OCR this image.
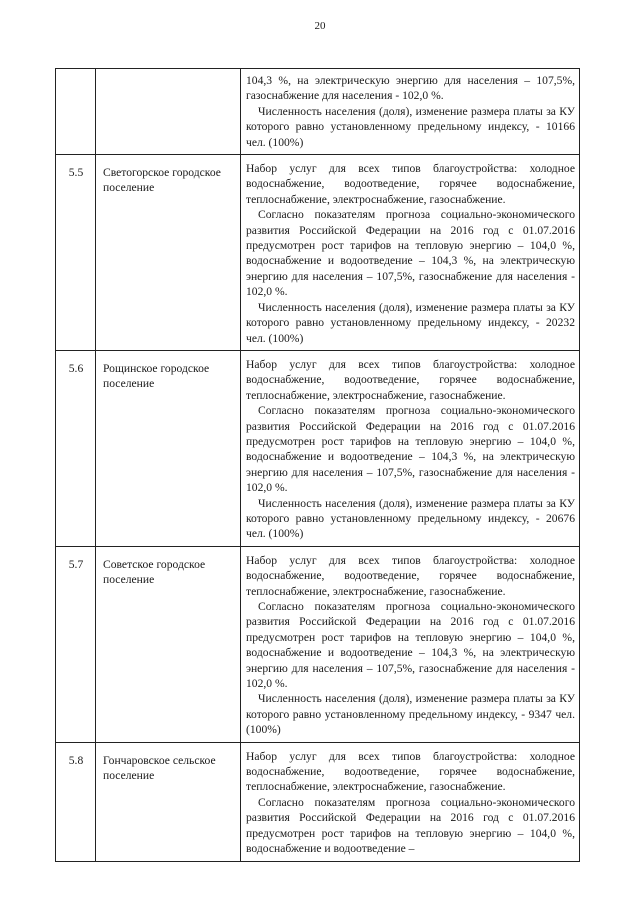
20

		104,3 %, на электрическую энергию для населения – 107,5%, газоснабжение для населения - 102,0 %.

Численность населения (доля), изменение размера платы за КУ которого равно установленному предельному индексу, - 10166 чел. (100%)

5.5	Светогорское городское поселение	Набор услуг для всех типов благоустройства: холодное водоснабжение, водоотведение, горячее водоснабжение, теплоснабжение, электроснабжение, газоснабжение.

Согласно показателям прогноза социально-экономического развития Российской Федерации на 2016 год с 01.07.2016 предусмотрен рост тарифов на тепловую энергию – 104,0 %, водоснабжение и водоотведение – 104,3 %, на электрическую энергию для населения – 107,5%, газоснабжение для населения - 102,0 %.

Численность населения (доля), изменение размера платы за КУ которого равно установленному предельному индексу, - 20232 чел. (100%)

5.6	Рощинское городское поселение	Набор услуг для всех типов благоустройства: холодное водоснабжение, водоотведение, горячее водоснабжение, теплоснабжение, электроснабжение, газоснабжение.

Согласно показателям прогноза социально-экономического развития Российской Федерации на 2016 год с 01.07.2016 предусмотрен рост тарифов на тепловую энергию – 104,0 %, водоснабжение и водоотведение – 104,3 %, на электрическую энергию для населения – 107,5%, газоснабжение для населения - 102,0 %.

Численность населения (доля), изменение размера платы за КУ которого равно установленному предельному индексу, - 20676 чел. (100%)

5.7	Советское городское поселение	Набор услуг для всех типов благоустройства: холодное водоснабжение, водоотведение, горячее водоснабжение, теплоснабжение, электроснабжение, газоснабжение.

Согласно показателям прогноза социально-экономического развития Российской Федерации на 2016 год с 01.07.2016 предусмотрен рост тарифов на тепловую энергию – 104,0 %, водоснабжение и водоотведение – 104,3 %, на электрическую энергию для населения – 107,5%, газоснабжение для населения - 102,0 %.

Численность населения (доля), изменение размера платы за КУ которого равно установленному предельному индексу, - 9347 чел. (100%)

5.8	Гончаровское сельское поселение	Набор услуг для всех типов благоустройства: холодное водоснабжение, водоотведение, горячее водоснабжение, теплоснабжение, электроснабжение, газоснабжение.

Согласно показателям прогноза социально-экономического развития Российской Федерации на 2016 год с 01.07.2016 предусмотрен рост тарифов на тепловую энергию – 104,0 %, водоснабжение и водоотведение –
